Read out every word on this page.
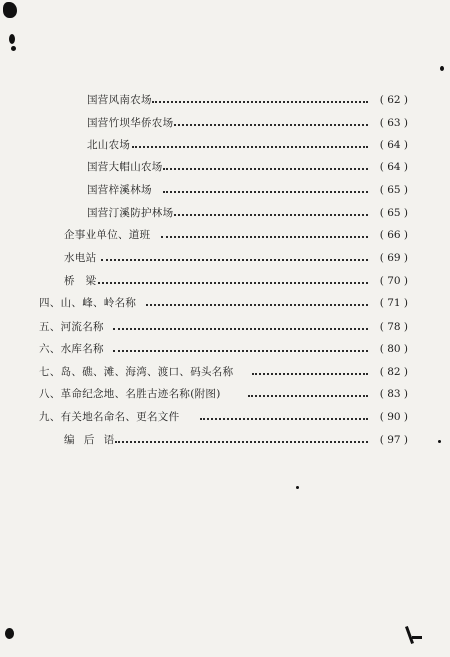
国营风南农场	( 62 )
国营竹坝华侨农场	( 63 )
北山农场	( 64 )
国营大帽山农场	( 64 )
国营梓溪林场	( 65 )
国营汀溪防护林场	( 65 )
企事业单位、道班	( 66 )
水电站	( 69 )
桥　梁	( 70 )
四、山、峰、岭名称	( 71 )
五、河流名称	( 78 )
六、水库名称	( 80 )
七、岛、礁、滩、海湾、渡口、码头名称	( 82 )
八、革命纪念地、名胜古迹名称(附图)	( 83 )
九、有关地名命名、更名文件	( 90 )
编 后 语	( 97 )
